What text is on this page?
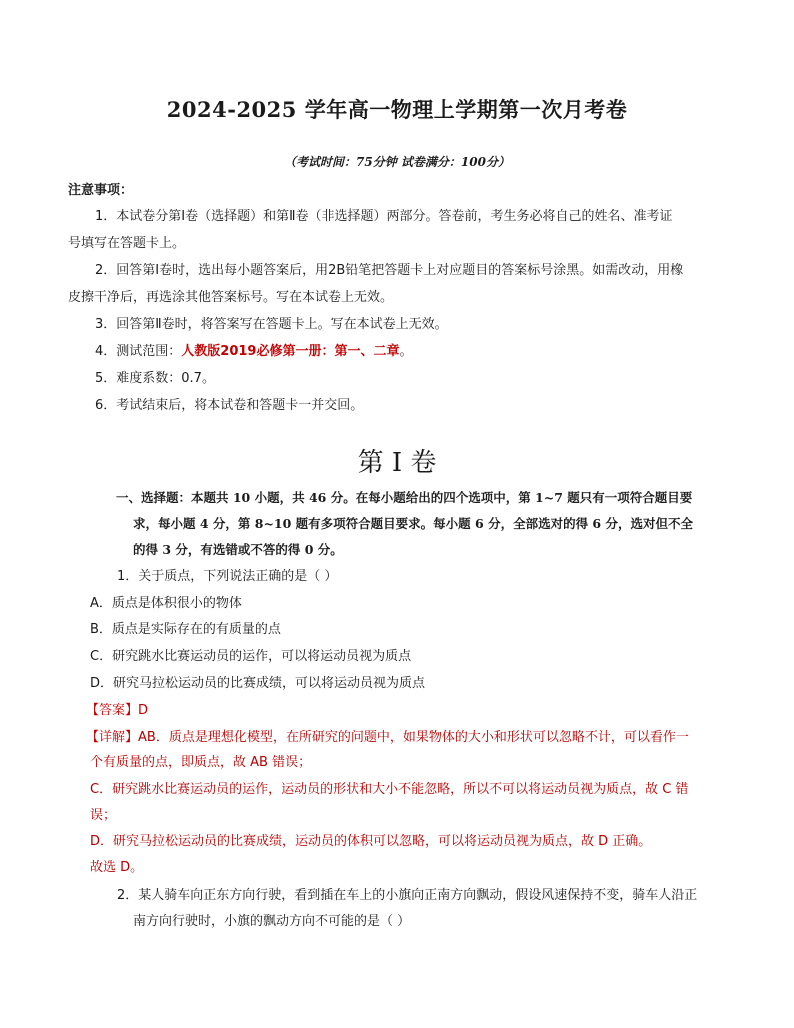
2024-2025 学年高一物理上学期第一次月考卷
（考试时间：75分钟 试卷满分：100分）
注意事项：
1．本试卷分第Ⅰ卷（选择题）和第Ⅱ卷（非选择题）两部分。答卷前，考生务必将自己的姓名、准考证
号填写在答题卡上。
2．回答第Ⅰ卷时，选出每小题答案后，用2B铅笔把答题卡上对应题目的答案标号涂黑。如需改动，用橡
皮擦干净后，再选涂其他答案标号。写在本试卷上无效。
3．回答第Ⅱ卷时，将答案写在答题卡上。写在本试卷上无效。
4．测试范围：人教版2019必修第一册：第一、二章。
5．难度系数：0.7。
6．考试结束后，将本试卷和答题卡一并交回。
第 I 卷
一、选择题：本题共 10 小题，共 46 分。在每小题给出的四个选项中，第 1~7 题只有一项符合题目要
求，每小题 4 分，第 8~10 题有多项符合题目要求。每小题 6 分，全部选对的得 6 分，选对但不全
的得 3 分，有选错或不答的得 0 分。
1．关于质点，下列说法正确的是（ ）
A．质点是体积很小的物体
B．质点是实际存在的有质量的点
C．研究跳水比赛运动员的运作，可以将运动员视为质点
D．研究马拉松运动员的比赛成绩，可以将运动员视为质点
【答案】D
【详解】AB．质点是理想化模型，在所研究的问题中，如果物体的大小和形状可以忽略不计，可以看作一
个有质量的点，即质点，故 AB 错误；
C．研究跳水比赛运动员的运作，运动员的形状和大小不能忽略，所以不可以将运动员视为质点，故 C 错
误；
D．研究马拉松运动员的比赛成绩，运动员的体积可以忽略，可以将运动员视为质点，故 D 正确。
故选 D。
2．某人骑车向正东方向行驶，看到插在车上的小旗向正南方向飘动，假设风速保持不变，骑车人沿正
南方向行驶时，小旗的飘动方向不可能的是（ ）
